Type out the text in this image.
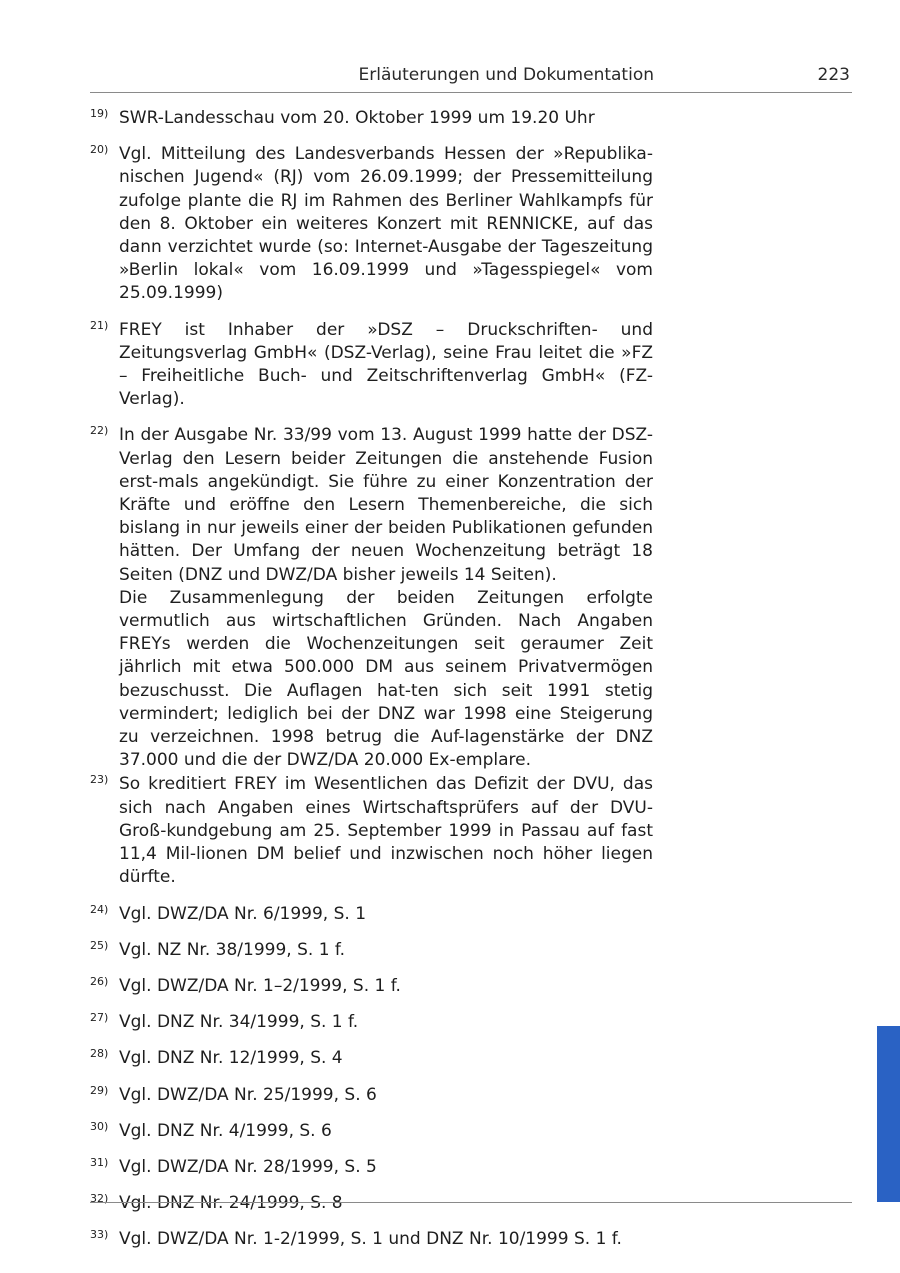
Erläuterungen und Dokumentation	223
19) SWR-Landesschau vom 20. Oktober 1999 um 19.20 Uhr

20) Vgl. Mitteilung des Landesverbands Hessen der »Republika-nischen Jugend« (RJ) vom 26.09.1999; der Pressemitteilung zufolge plante die RJ im Rahmen des Berliner Wahlkampfs für den 8. Oktober ein weiteres Konzert mit RENNICKE, auf das dann verzichtet wurde (so: Internet-Ausgabe der Tageszeitung »Berlin lokal« vom 16.09.1999 und »Tagesspiegel« vom 25.09.1999)

21) FREY ist Inhaber der »DSZ – Druckschriften- und Zeitungsverlag GmbH« (DSZ-Verlag), seine Frau leitet die »FZ – Freiheitliche Buch- und Zeitschriftenverlag GmbH« (FZ-Verlag).

22) In der Ausgabe Nr. 33/99 vom 13. August 1999 hatte der DSZ-Verlag den Lesern beider Zeitungen die anstehende Fusion erst-mals angekündigt. Sie führe zu einer Konzentration der Kräfte und eröffne den Lesern Themenbereiche, die sich bislang in nur jeweils einer der beiden Publikationen gefunden hätten. Der Umfang der neuen Wochenzeitung beträgt 18 Seiten (DNZ und DWZ/DA bisher jeweils 14 Seiten).

Die Zusammenlegung der beiden Zeitungen erfolgte vermutlich aus wirtschaftlichen Gründen. Nach Angaben FREYs werden die Wochenzeitungen seit geraumer Zeit jährlich mit etwa 500.000 DM aus seinem Privatvermögen bezuschusst. Die Auflagen hat-ten sich seit 1991 stetig vermindert; lediglich bei der DNZ war 1998 eine Steigerung zu verzeichnen. 1998 betrug die Auf-lagenstärke der DNZ 37.000 und die der DWZ/DA 20.000 Ex-emplare.

23) So kreditiert FREY im Wesentlichen das Defizit der DVU, das sich nach Angaben eines Wirtschaftsprüfers auf der DVU-Groß-kundgebung am 25. September 1999 in Passau auf fast 11,4 Mil-lionen DM belief und inzwischen noch höher liegen dürfte.

24) Vgl. DWZ/DA Nr. 6/1999, S. 1

25) Vgl. NZ Nr. 38/1999, S. 1 f.

26) Vgl. DWZ/DA Nr. 1–2/1999, S. 1 f.

27) Vgl. DNZ Nr. 34/1999, S. 1 f.

28) Vgl. DNZ Nr. 12/1999, S. 4

29) Vgl. DWZ/DA Nr. 25/1999, S. 6

30) Vgl. DNZ Nr. 4/1999, S. 6

31) Vgl. DWZ/DA Nr. 28/1999, S. 5

32) Vgl. DNZ Nr. 24/1999, S. 8

33) Vgl. DWZ/DA Nr. 1-2/1999, S. 1 und DNZ Nr. 10/1999 S. 1 f.
